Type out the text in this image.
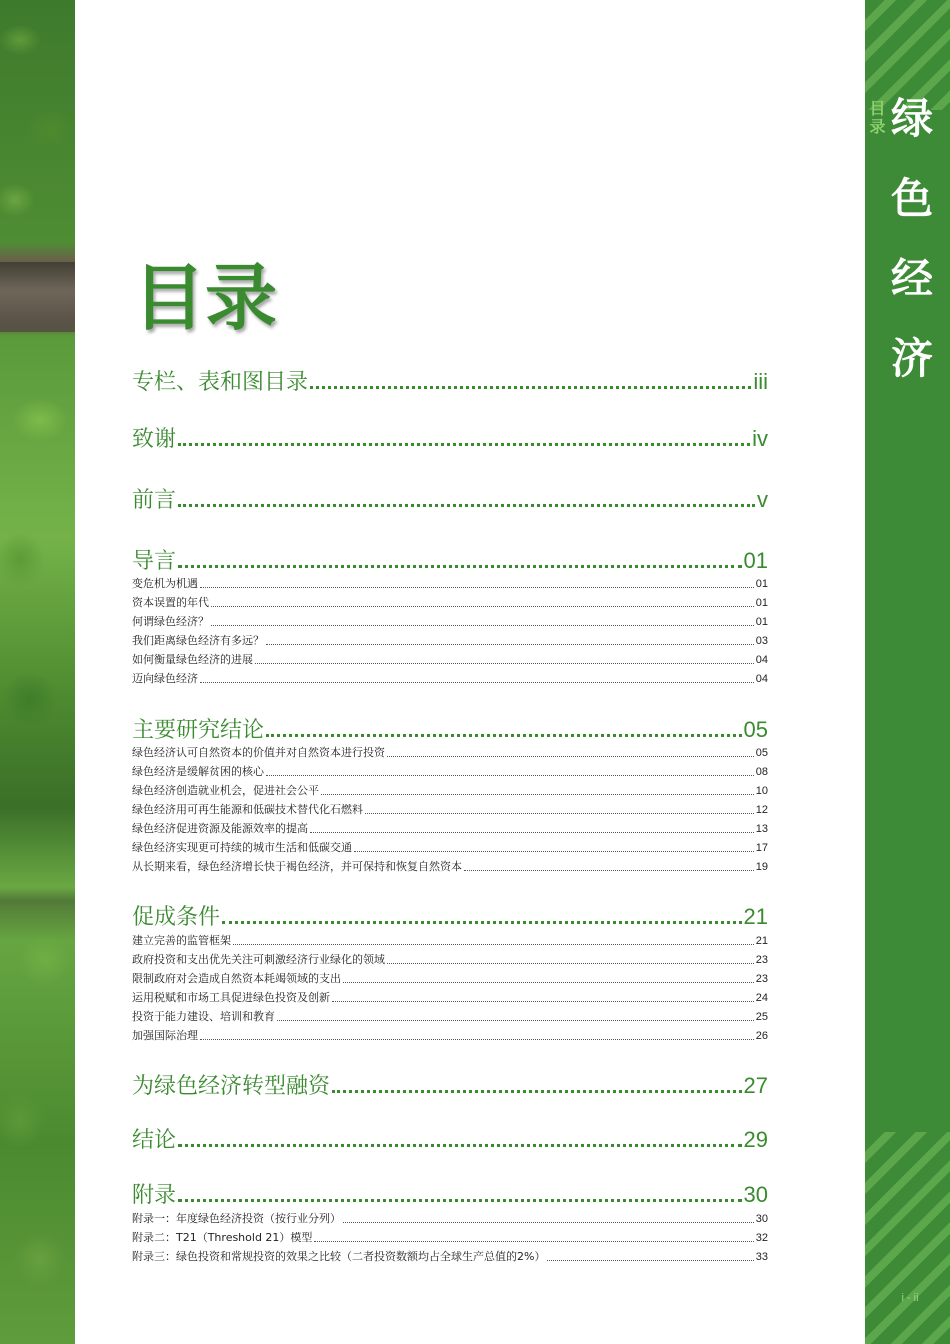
绿色经济
目录
i - ii
目录
专栏、表和图目录	iii
致谢	iv
前言	v
导言	01
变危机为机遇	01
资本误置的年代	01
何谓绿色经济？	01
我们距离绿色经济有多远？	03
如何衡量绿色经济的进展	04
迈向绿色经济	04
主要研究结论	05
绿色经济认可自然资本的价值并对自然资本进行投资	05
绿色经济是缓解贫困的核心	08
绿色经济创造就业机会，促进社会公平	10
绿色经济用可再生能源和低碳技术替代化石燃料	12
绿色经济促进资源及能源效率的提高	13
绿色经济实现更可持续的城市生活和低碳交通	17
从长期来看，绿色经济增长快于褐色经济，并可保持和恢复自然资本	19
促成条件	21
建立完善的监管框架	21
政府投资和支出优先关注可刺激经济行业绿化的领域	23
限制政府对会造成自然资本耗竭领域的支出	23
运用税赋和市场工具促进绿色投资及创新	24
投资于能力建设、培训和教育	25
加强国际治理	26
为绿色经济转型融资	27
结论	29
附录	30
附录一：年度绿色经济投资（按行业分列）	30
附录二：T21（Threshold 21）模型	32
附录三：绿色投资和常规投资的效果之比较（二者投资数额均占全球生产总值的2%）	33
